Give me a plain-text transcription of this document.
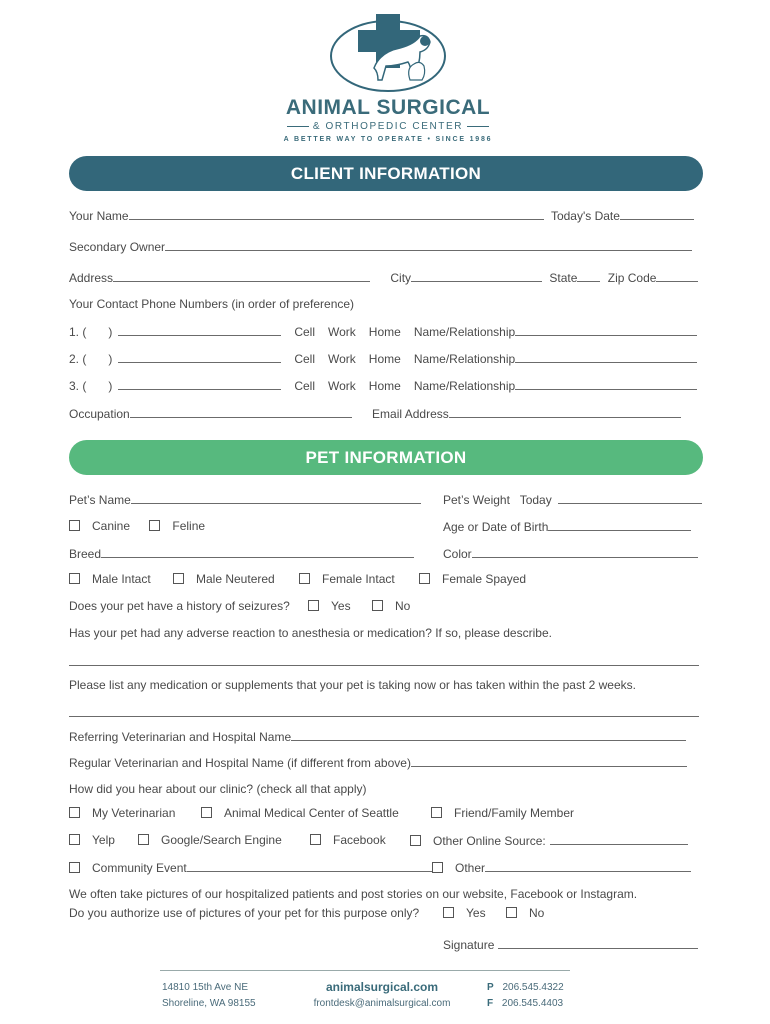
ANIMAL SURGICAL
& ORTHOPEDIC CENTER
A BETTER WAY TO OPERATE • SINCE 1986
CLIENT INFORMATION
Your Name	Today's Date
Secondary Owner
Address	City	State	Zip Code
Your Contact Phone Numbers (in order of preference)
1. ( )	Cell Work Home Name/Relationship
2. ( )	Cell Work Home Name/Relationship
3. ( )	Cell Work Home Name/Relationship
Occupation	Email Address
PET INFORMATION
Pet’s Name	Pet’s Weight   Today
Canine	Feline	Age or Date of Birth
Breed	Color
Male Intact	Male Neutered	Female Intact	Female Spayed
Does your pet have a history of seizures?	Yes	No
Has your pet had any adverse reaction to anesthesia or medication? If so, please describe.
Please list any medication or supplements that your pet is taking now or has taken within the past 2 weeks.
Referring Veterinarian and Hospital Name
Regular Veterinarian and Hospital Name (if different from above)
How did you hear about our clinic? (check all that apply)
My Veterinarian	Animal Medical Center of Seattle	Friend/Family Member
Yelp	Google/Search Engine	Facebook	Other Online Source:
Community Event	Other
We often take pictures of our hospitalized patients and post stories on our website, Facebook or Instagram.
Do you authorize use of pictures of your pet for this purpose only?	Yes	No
Signature
14810 15th Ave NE
Shoreline, WA 98155
animalsurgical.com
frontdesk@animalsurgical.com
P 206.545.4322
F 206.545.4403
